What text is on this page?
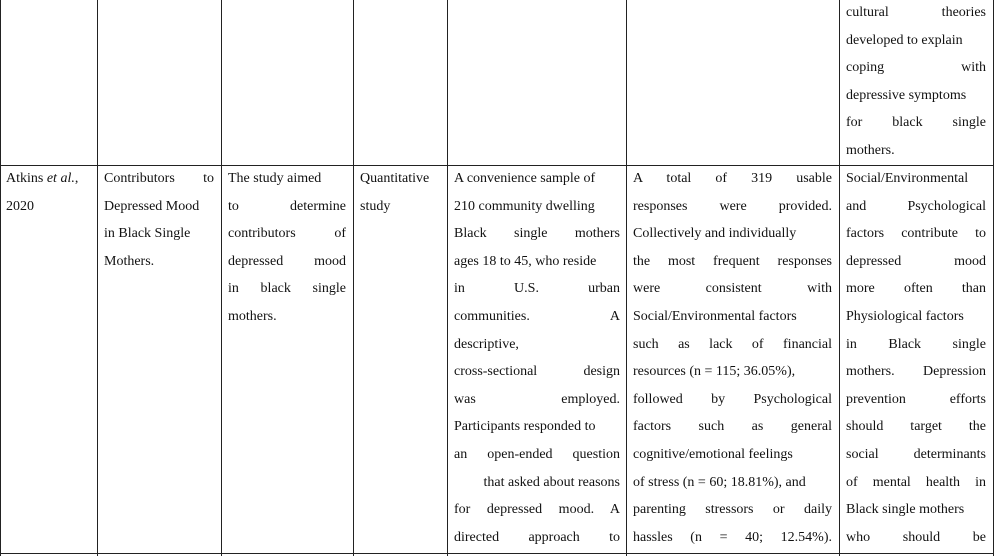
cultural theories
developed to explain
coping with
depressive symptoms
for black single
mothers.
Atkins et al.,
2020
Contributors to
Depressed Mood
in Black Single
Mothers.
The study aimed
to determine
contributors of
depressed mood
in black single
mothers.
Quantitative
study
A convenience sample of
210 community dwelling
Black single mothers
ages 18 to 45, who reside
in U.S. urban
communities. A
descriptive,
cross-sectional design
was employed.
Participants responded to
an open-ended question
that asked about reasons
for depressed mood. A
directed approach to
A total of 319 usable
responses were provided.
Collectively and individually
the most frequent responses
were consistent with
Social/Environmental factors
such as lack of financial
resources (n = 115; 36.05%),
followed by Psychological
factors such as general
cognitive/emotional feelings
of stress (n = 60; 18.81%), and
parenting stressors or daily
hassles (n = 40; 12.54%).
Social/Environmental
and Psychological
factors contribute to
depressed mood
more often than
Physiological factors
in Black single
mothers. Depression
prevention efforts
should target the
social determinants
of mental health in
Black single mothers
who should be
